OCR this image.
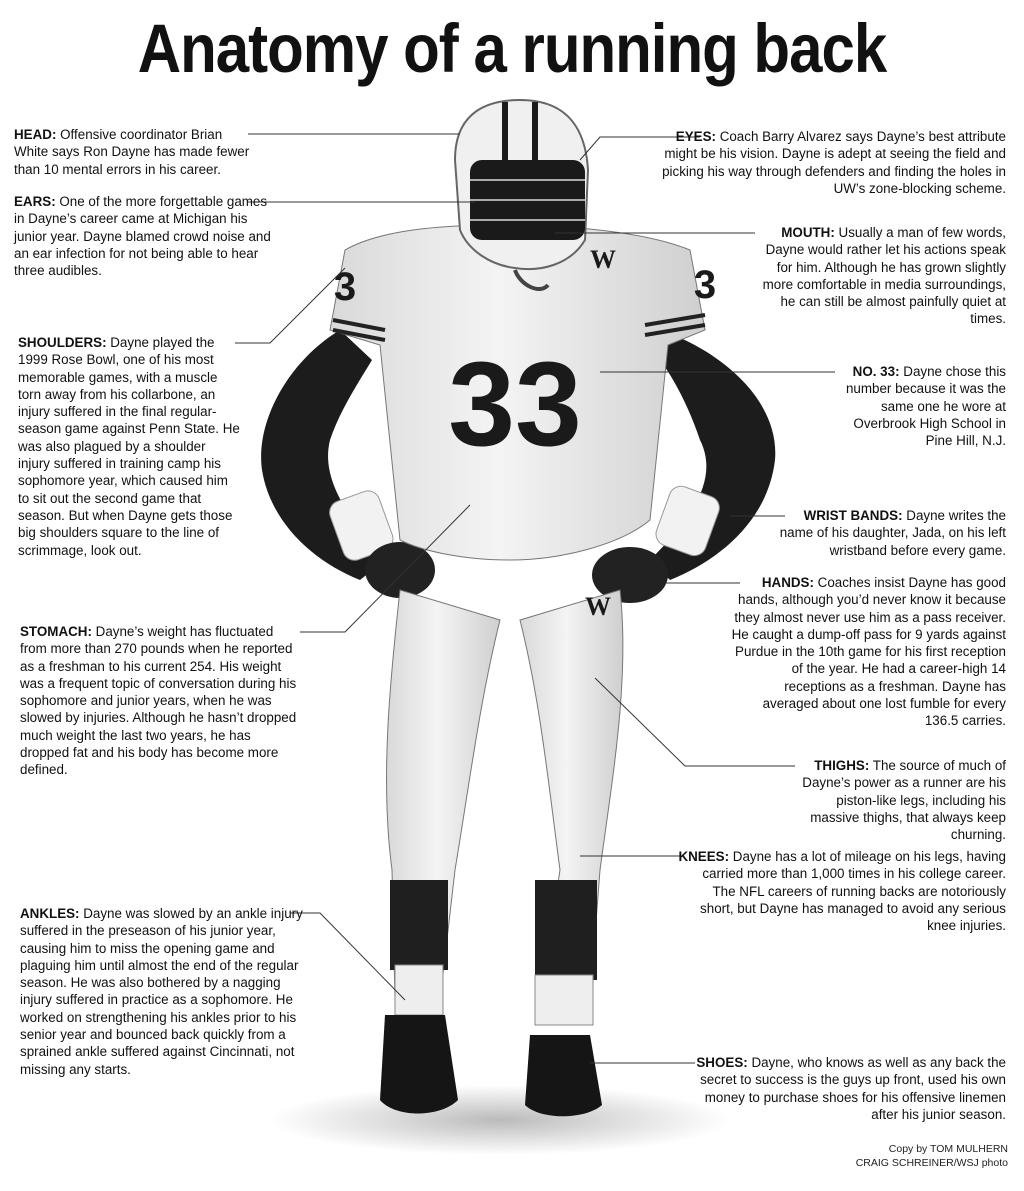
Anatomy of a running back
33
3	3
W
W
HEAD: Offensive coordinator Brian White says Ron Dayne has made fewer than 10 mental errors in his career.
EARS: One of the more forgettable games in Dayne’s career came at Michigan his junior year. Dayne blamed crowd noise and an ear infection for not being able to hear three audibles.
SHOULDERS: Dayne played the 1999 Rose Bowl, one of his most memorable games, with a muscle torn away from his collarbone, an injury suffered in the final regular-season game against Penn State. He was also plagued by a shoulder injury suffered in training camp his sophomore year, which caused him to sit out the second game that season. But when Dayne gets those big shoulders square to the line of scrimmage, look out.
STOMACH: Dayne’s weight has fluctuated from more than 270 pounds when he reported as a freshman to his current 254. His weight was a frequent topic of conversation during his sophomore and junior years, when he was slowed by injuries. Although he hasn’t dropped much weight the last two years, he has dropped fat and his body has become more defined.
ANKLES: Dayne was slowed by an ankle injury suffered in the preseason of his junior year, causing him to miss the opening game and plaguing him until almost the end of the regular season. He was also bothered by a nagging injury suffered in practice as a sophomore. He worked on strengthening his ankles prior to his senior year and bounced back quickly from a sprained ankle suffered against Cincinnati, not missing any starts.
EYES: Coach Barry Alvarez says Dayne’s best attribute might be his vision. Dayne is adept at seeing the field and picking his way through defenders and finding the holes in UW’s zone-blocking scheme.
MOUTH: Usually a man of few words, Dayne would rather let his actions speak for him. Although he has grown slightly more comfortable in media surroundings, he can still be almost painfully quiet at times.
NO. 33: Dayne chose this number because it was the same one he wore at Overbrook High School in Pine Hill, N.J.
WRIST BANDS: Dayne writes the name of his daughter, Jada, on his left wristband before every game.
HANDS: Coaches insist Dayne has good hands, although you’d never know it because they almost never use him as a pass receiver. He caught a dump-off pass for 9 yards against Purdue in the 10th game for his first reception of the year. He had a career-high 14 receptions as a freshman. Dayne has averaged about one lost fumble for every 136.5 carries.
THIGHS: The source of much of Dayne’s power as a runner are his piston-like legs, including his massive thighs, that always keep churning.
KNEES: Dayne has a lot of mileage on his legs, having carried more than 1,000 times in his college career. The NFL careers of running backs are notoriously short, but Dayne has managed to avoid any serious knee injuries.
SHOES: Dayne, who knows as well as any back the secret to success is the guys up front, used his own money to purchase shoes for his offensive linemen after his junior season.
Copy by TOM MULHERN
CRAIG SCHREINER/WSJ photo
